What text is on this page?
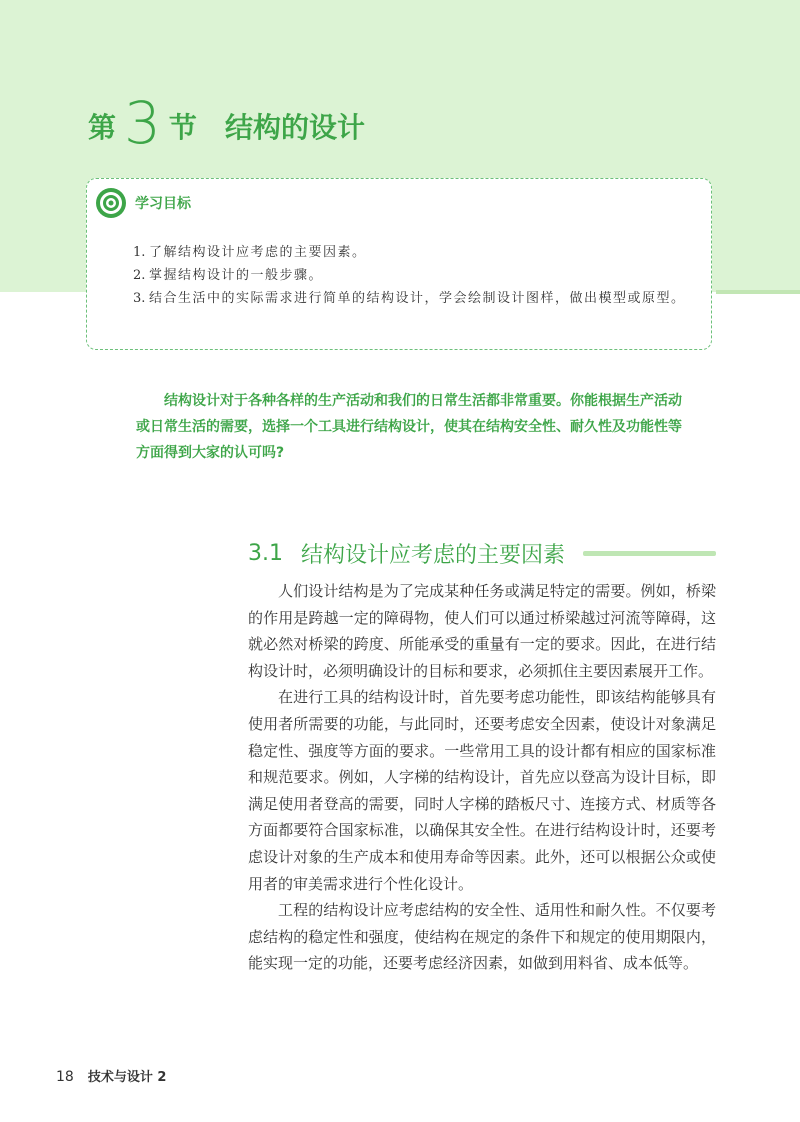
第 3 节 结构的设计
学习目标
1. 了解结构设计应考虑的主要因素。
2. 掌握结构设计的一般步骤。
3. 结合生活中的实际需求进行简单的结构设计，学会绘制设计图样，做出模型或原型。

结构设计对于各种各样的生产活动和我们的日常生活都非常重要。你能根据生产活动或日常生活的需要，选择一个工具进行结构设计，使其在结构安全性、耐久性及功能性等方面得到大家的认可吗?

3.1 结构设计应考虑的主要因素

人们设计结构是为了完成某种任务或满足特定的需要。例如，桥梁的作用是跨越一定的障碍物，使人们可以通过桥梁越过河流等障碍，这就必然对桥梁的跨度、所能承受的重量有一定的要求。因此，在进行结构设计时，必须明确设计的目标和要求，必须抓住主要因素展开工作。

在进行工具的结构设计时，首先要考虑功能性，即该结构能够具有使用者所需要的功能，与此同时，还要考虑安全因素，使设计对象满足稳定性、强度等方面的要求。一些常用工具的设计都有相应的国家标准和规范要求。例如，人字梯的结构设计，首先应以登高为设计目标，即满足使用者登高的需要，同时人字梯的踏板尺寸、连接方式、材质等各方面都要符合国家标准，以确保其安全性。在进行结构设计时，还要考虑设计对象的生产成本和使用寿命等因素。此外，还可以根据公众或使用者的审美需求进行个性化设计。

工程的结构设计应考虑结构的安全性、适用性和耐久性。不仅要考虑结构的稳定性和强度，使结构在规定的条件下和规定的使用期限内，能实现一定的功能，还要考虑经济因素，如做到用料省、成本低等。

18 技术与设计 2
